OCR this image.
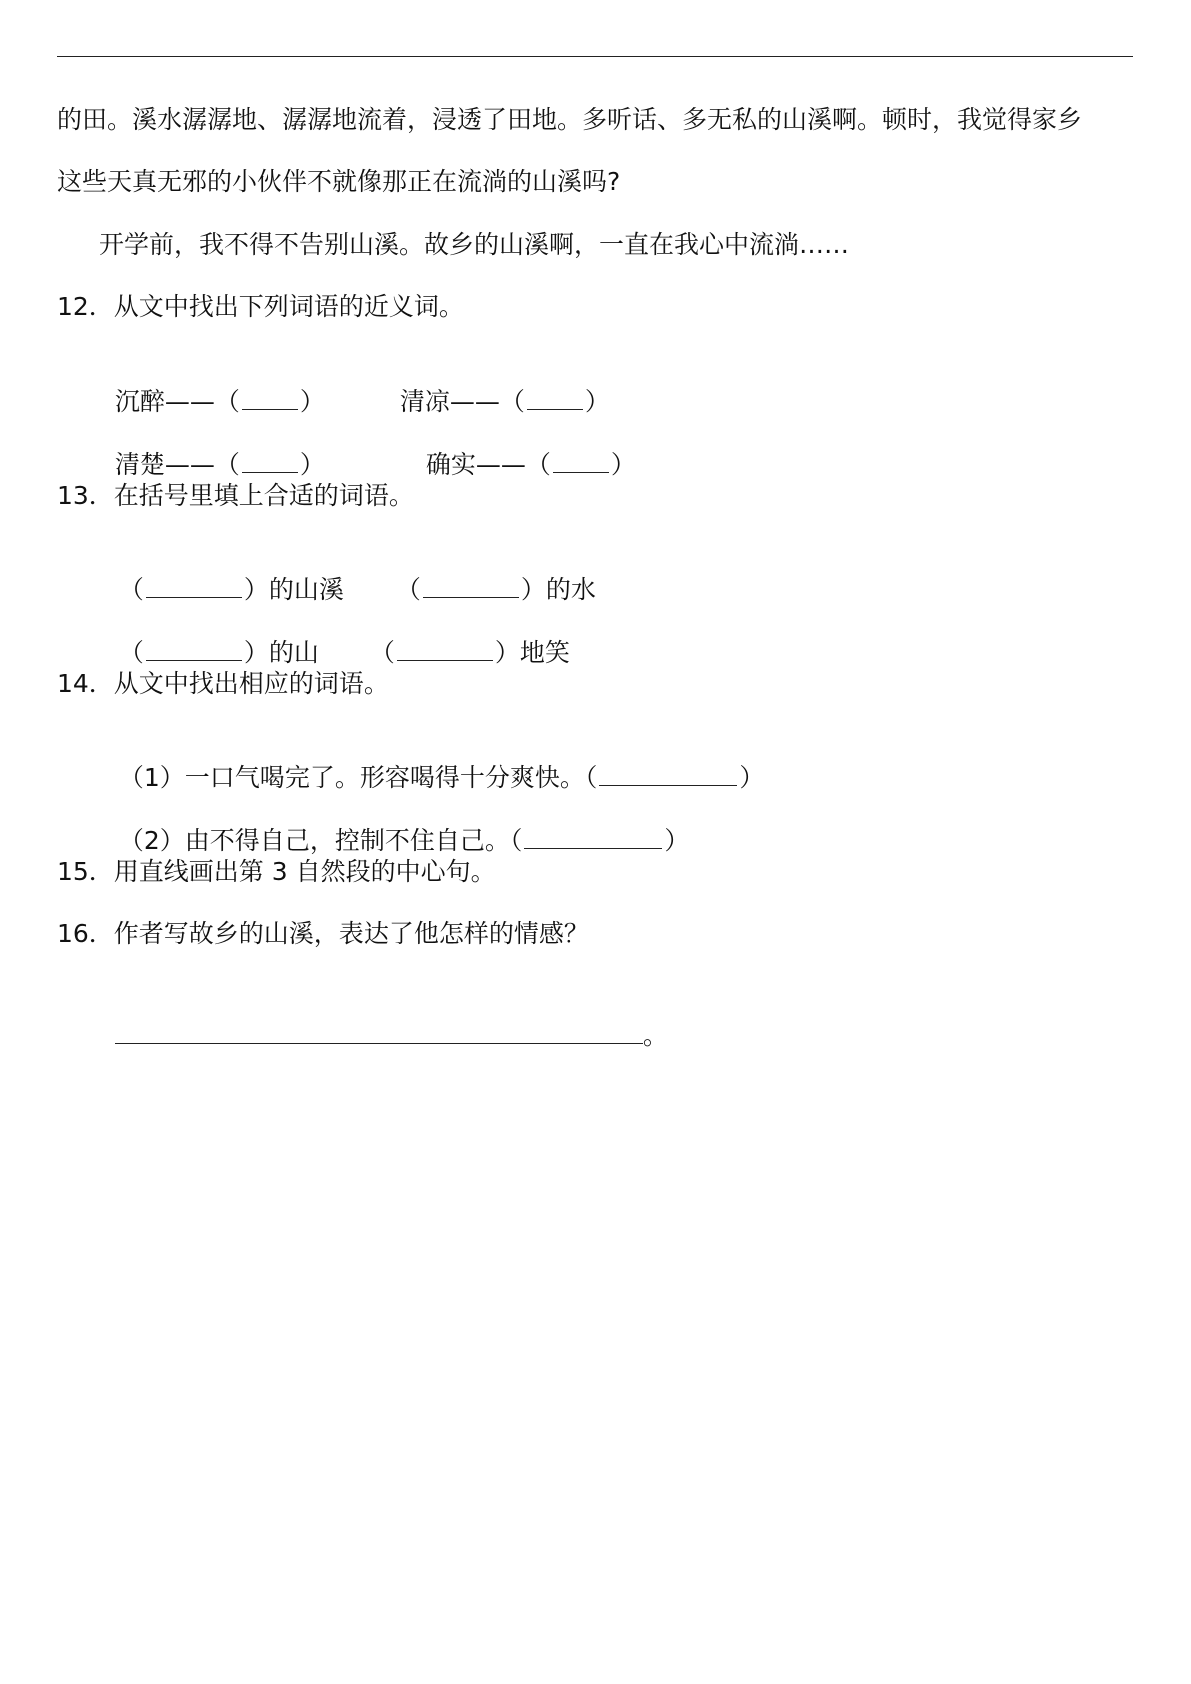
的田。溪水潺潺地、潺潺地流着，浸透了田地。多听话、多无私的山溪啊。顿时，我觉得家乡
这些天真无邪的小伙伴不就像那正在流淌的山溪吗?
开学前，我不得不告别山溪。故乡的山溪啊，一直在我心中流淌……
12．从文中找出下列词语的近义词。

沉醉——（ ）	清凉——（ ）

清楚——（ ）	确实——（ ）

13．在括号里填上合适的词语。

（	）的山溪	（	）的水

（	）的山	（	）地笑

14．从文中找出相应的词语。

（1）一口气喝完了。形容喝得十分爽快。（	）

（2）由不得自己，控制不住自己。（	）

15．用直线画出第 3 自然段的中心句。
16．作者写故乡的山溪，表达了他怎样的情感？

。
